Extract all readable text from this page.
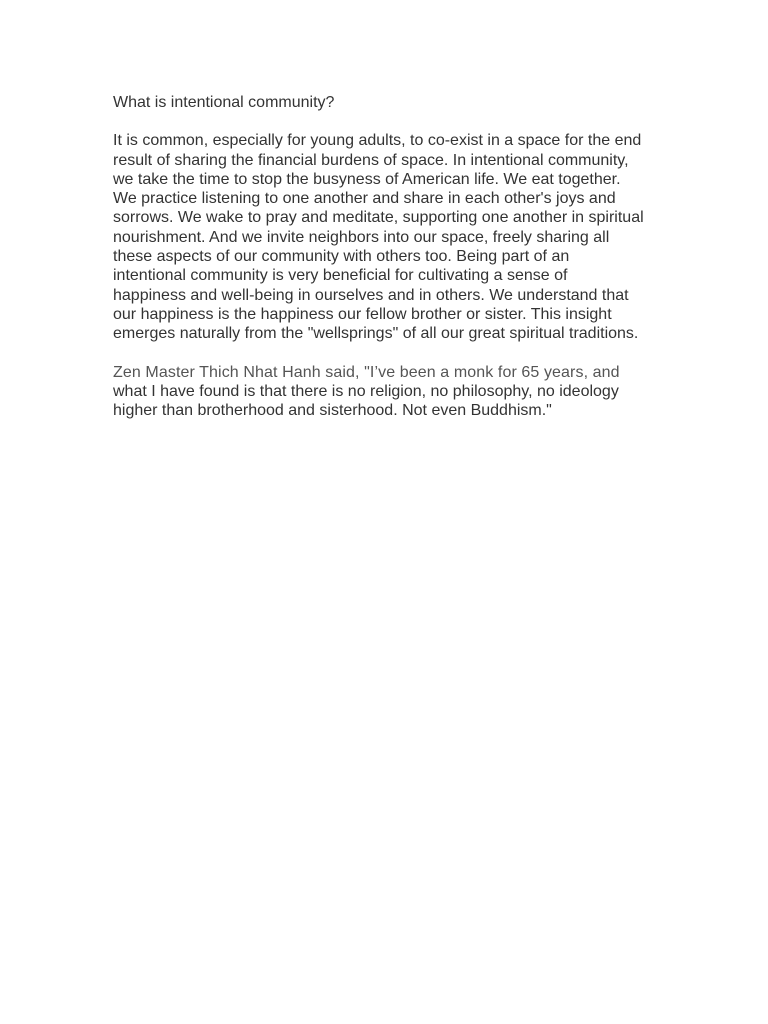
What is intentional community?

It is common, especially for young adults, to co-exist in a space for the end
result of sharing the financial burdens of space. In intentional community,
we take the time to stop the busyness of American life. We eat together.
We practice listening to one another and share in each other's joys and
sorrows. We wake to pray and meditate, supporting one another in spiritual
nourishment. And we invite neighbors into our space, freely sharing all
these aspects of our community with others too. Being part of an
intentional community is very beneficial for cultivating a sense of
happiness and well-being in ourselves and in others. We understand that
our happiness is the happiness our fellow brother or sister. This insight
emerges naturally from the "wellsprings" of all our great spiritual traditions.

Zen Master Thich Nhat Hanh said, "I’ve been a monk for 65 years, and
what I have found is that there is no religion, no philosophy, no ideology
higher than brotherhood and sisterhood. Not even Buddhism."
